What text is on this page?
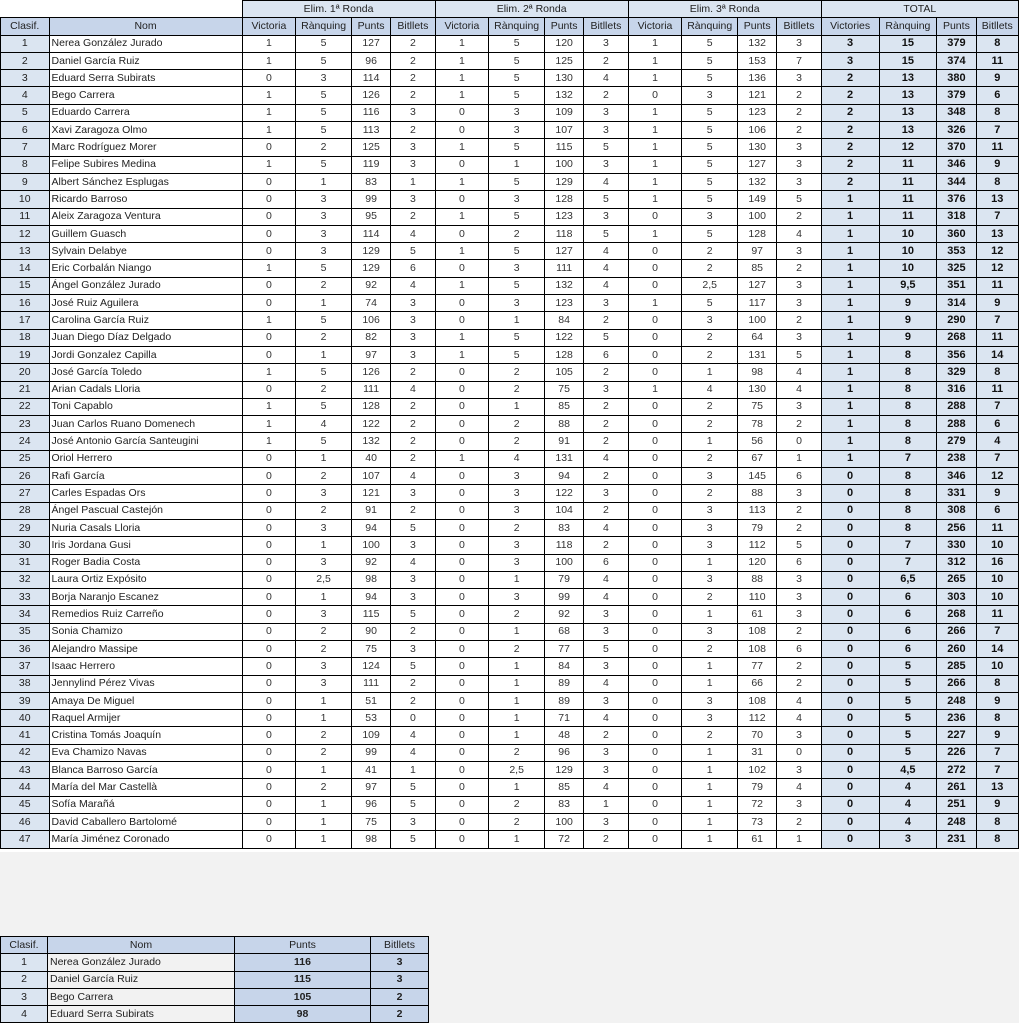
		Elim. 1ª Ronda				Elim. 2ª Ronda				Elim. 3ª Ronda				TOTAL			
Clasif.	Nom	Victoria	Rànquing	Punts	Bitllets	Victoria	Rànquing	Punts	Bitllets	Victoria	Rànquing	Punts	Bitllets	Victories	Rànquing	Punts	Bitllets
1	Nerea González Jurado	1	5	127	2	1	5	120	3	1	5	132	3	3	15	379	8
2	Daniel García Ruiz	1	5	96	2	1	5	125	2	1	5	153	7	3	15	374	11
3	Eduard Serra Subirats	0	3	114	2	1	5	130	4	1	5	136	3	2	13	380	9
4	Bego Carrera	1	5	126	2	1	5	132	2	0	3	121	2	2	13	379	6
5	Eduardo Carrera	1	5	116	3	0	3	109	3	1	5	123	2	2	13	348	8
6	Xavi Zaragoza Olmo	1	5	113	2	0	3	107	3	1	5	106	2	2	13	326	7
7	Marc Rodríguez Morer	0	2	125	3	1	5	115	5	1	5	130	3	2	12	370	11
8	Felipe Subires Medina	1	5	119	3	0	1	100	3	1	5	127	3	2	11	346	9
9	Albert Sánchez Esplugas	0	1	83	1	1	5	129	4	1	5	132	3	2	11	344	8
10	Ricardo Barroso	0	3	99	3	0	3	128	5	1	5	149	5	1	11	376	13
11	Aleix Zaragoza Ventura	0	3	95	2	1	5	123	3	0	3	100	2	1	11	318	7
12	Guillem Guasch	0	3	114	4	0	2	118	5	1	5	128	4	1	10	360	13
13	Sylvain Delabye	0	3	129	5	1	5	127	4	0	2	97	3	1	10	353	12
14	Eric Corbalán Niango	1	5	129	6	0	3	111	4	0	2	85	2	1	10	325	12
15	Ángel González Jurado	0	2	92	4	1	5	132	4	0	2,5	127	3	1	9,5	351	11
16	José Ruiz Aguilera	0	1	74	3	0	3	123	3	1	5	117	3	1	9	314	9
17	Carolina García Ruiz	1	5	106	3	0	1	84	2	0	3	100	2	1	9	290	7
18	Juan Diego Díaz Delgado	0	2	82	3	1	5	122	5	0	2	64	3	1	9	268	11
19	Jordi Gonzalez Capilla	0	1	97	3	1	5	128	6	0	2	131	5	1	8	356	14
20	José García Toledo	1	5	126	2	0	2	105	2	0	1	98	4	1	8	329	8
21	Arian Cadals Lloria	0	2	111	4	0	2	75	3	1	4	130	4	1	8	316	11
22	Toni Capablo	1	5	128	2	0	1	85	2	0	2	75	3	1	8	288	7
23	Juan Carlos Ruano Domenech	1	4	122	2	0	2	88	2	0	2	78	2	1	8	288	6
24	José Antonio García Santeugini	1	5	132	2	0	2	91	2	0	1	56	0	1	8	279	4
25	Oriol Herrero	0	1	40	2	1	4	131	4	0	2	67	1	1	7	238	7
26	Rafi García	0	2	107	4	0	3	94	2	0	3	145	6	0	8	346	12
27	Carles Espadas Ors	0	3	121	3	0	3	122	3	0	2	88	3	0	8	331	9
28	Ángel Pascual Castejón	0	2	91	2	0	3	104	2	0	3	113	2	0	8	308	6
29	Nuria Casals Lloria	0	3	94	5	0	2	83	4	0	3	79	2	0	8	256	11
30	Iris Jordana Gusi	0	1	100	3	0	3	118	2	0	3	112	5	0	7	330	10
31	Roger Badia Costa	0	3	92	4	0	3	100	6	0	1	120	6	0	7	312	16
32	Laura Ortiz Expósito	0	2,5	98	3	0	1	79	4	0	3	88	3	0	6,5	265	10
33	Borja Naranjo Escanez	0	1	94	3	0	3	99	4	0	2	110	3	0	6	303	10
34	Remedios Ruiz Carreño	0	3	115	5	0	2	92	3	0	1	61	3	0	6	268	11
35	Sonia Chamizo	0	2	90	2	0	1	68	3	0	3	108	2	0	6	266	7
36	Alejandro Massipe	0	2	75	3	0	2	77	5	0	2	108	6	0	6	260	14
37	Isaac Herrero	0	3	124	5	0	1	84	3	0	1	77	2	0	5	285	10
38	Jennylind Pérez Vivas	0	3	111	2	0	1	89	4	0	1	66	2	0	5	266	8
39	Amaya De Miguel	0	1	51	2	0	1	89	3	0	3	108	4	0	5	248	9
40	Raquel Armijer	0	1	53	0	0	1	71	4	0	3	112	4	0	5	236	8
41	Cristina Tomás Joaquín	0	2	109	4	0	1	48	2	0	2	70	3	0	5	227	9
42	Eva Chamizo Navas	0	2	99	4	0	2	96	3	0	1	31	0	0	5	226	7
43	Blanca Barroso García	0	1	41	1	0	2,5	129	3	0	1	102	3	0	4,5	272	7
44	María del Mar Castellà	0	2	97	5	0	1	85	4	0	1	79	4	0	4	261	13
45	Sofía Marañá	0	1	96	5	0	2	83	1	0	1	72	3	0	4	251	9
46	David Caballero Bartolomé	0	1	75	3	0	2	100	3	0	1	73	2	0	4	248	8
47	María Jiménez Coronado	0	1	98	5	0	1	72	2	0	1	61	1	0	3	231	8
Clasif.	Nom	Punts	Bitllets
1	Nerea González Jurado	116	3
2	Daniel García Ruiz	115	3
3	Bego Carrera	105	2
4	Eduard Serra Subirats	98	2
